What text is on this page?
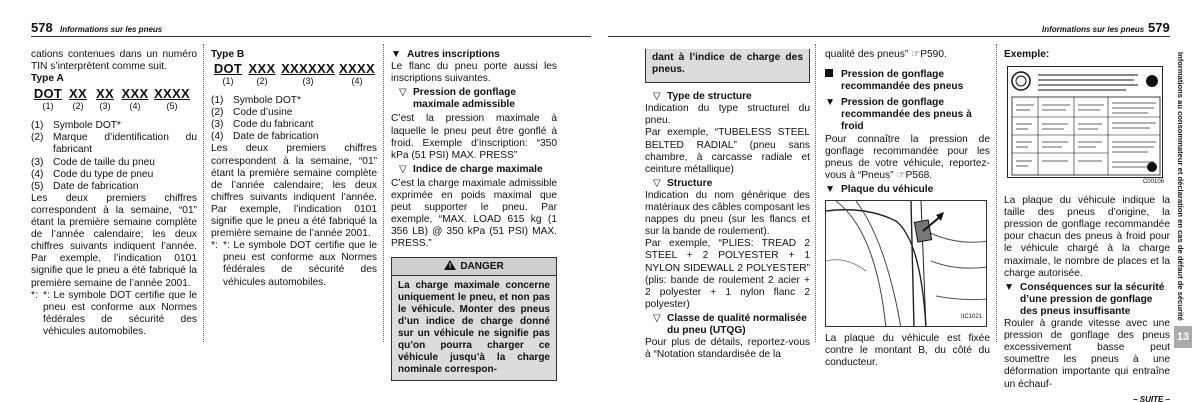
578 Informations sur les pneus

cations contenues dans un numéro TIN s’interprètent comme suit.

Type A

DOT XX XX XXX XXXX
(1) (2) (3) (4)	(5)
(1) Symbole DOT*
(2) Marque d’identification du fabricant
(3) Code de taille du pneu
(4) Code du type de pneu
(5) Date de fabrication

Les deux premiers chiffres correspondent à la semaine, “01” étant la première semaine complète de l’année calendaire; les deux chiffres suivants indiquent l’année. Par exemple, l’indication 0101 signifie que le pneu a été fabriqué la première semaine de l’année 2001.

*: *: Le symbole DOT certifie que le pneu est conforme aux Normes fédérales de sécurité des véhicules automobiles.

Type B

DOT XXX XXXXXX XXXX
(1)	(2)	(3)	(4)
(1) Symbole DOT*
(2) Code d’usine
(3) Code du fabricant
(4) Date de fabrication

Les deux premiers chiffres correspondent à la semaine, “01” étant la première semaine complète de l’année calendaire; les deux chiffres suivants indiquent l’année. Par exemple, l’indication 0101 signifie que le pneu a été fabriqué la première semaine de l’année 2001.

*: *: Le symbole DOT certifie que le pneu est conforme aux Normes fédérales de sécurité des véhicules automobiles.
▼ Autres inscriptions

Le flanc du pneu porte aussi les inscriptions suivantes.

▽ Pression de gonflage maximale admissible

C’est la pression maximale à laquelle le pneu peut être gonflé à froid. Exemple d’inscription: “350 kPa (51 PSI) MAX. PRESS”

▽ Indice de charge maximale

C’est la charge maximale admissible exprimée en poids maximal que peut supporter le pneu. Par exemple, “MAX. LOAD 615 kg (1 356 LB) @ 350 kPa (51 PSI) MAX. PRESS.”

!DANGER

La charge maximale concerne uniquement le pneu, et non pas le véhicule. Monter des pneus d’un indice de charge donné sur un véhicule ne signifie pas qu’on pourra charger ce véhicule jusqu’à la charge nominale correspon-

Informations sur les pneus 579

dant à l’indice de charge des pneus.

▽ Type de structure

Indication du type structurel du pneu.

Par exemple, “TUBELESS STEEL BELTED RADIAL” (pneu sans chambre, à carcasse radiale et ceinture métallique)

▽ Structure

Indication du nom générique des matériaux des câbles composant les nappes du pneu (sur les flancs et sur la bande de roulement).

Par exemple, “PLIES: TREAD 2 STEEL + 2 POLYESTER + 1 NYLON SIDEWALL 2 POLYESTER” (plis: bande de roulement 2 acier + 2 polyester + 1 nylon flanc 2 polyester)

▽ Classe de qualité normalisée du pneu (UTQG)

Pour plus de détails, reportez-vous à “Notation standardisée de la

qualité des pneus” ☞P590.

Pression de gonflage recommandée des pneus
▼ Pression de gonflage recommandée des pneus à froid

Pour connaître la pression de gonflage recommandée pour les pneus de votre véhicule, reportez-vous à “Pneus” ☞P568.

▼ Plaque du véhicule
IIC1021

La plaque du véhicule est fixée contre le montant B, du côté du conducteur.

Exemple:

C00108

La plaque du véhicule indique la taille des pneus d’origine, la pression de gonflage recommandée pour chacun des pneus à froid pour le véhicule chargé à la charge maximale, le nombre de places et la charge autorisée.

▼ Conséquences sur la sécurité d’une pression de gonflage des pneus insuffisante

Rouler à grande vitesse avec une pression de gonflage des pneus excessivement basse peut soumettre les pneus à une déformation importante qui entraîne un échauf-

– SUITE –

Informations au consommateur et déclaration en cas de défaut de sécurité
13
